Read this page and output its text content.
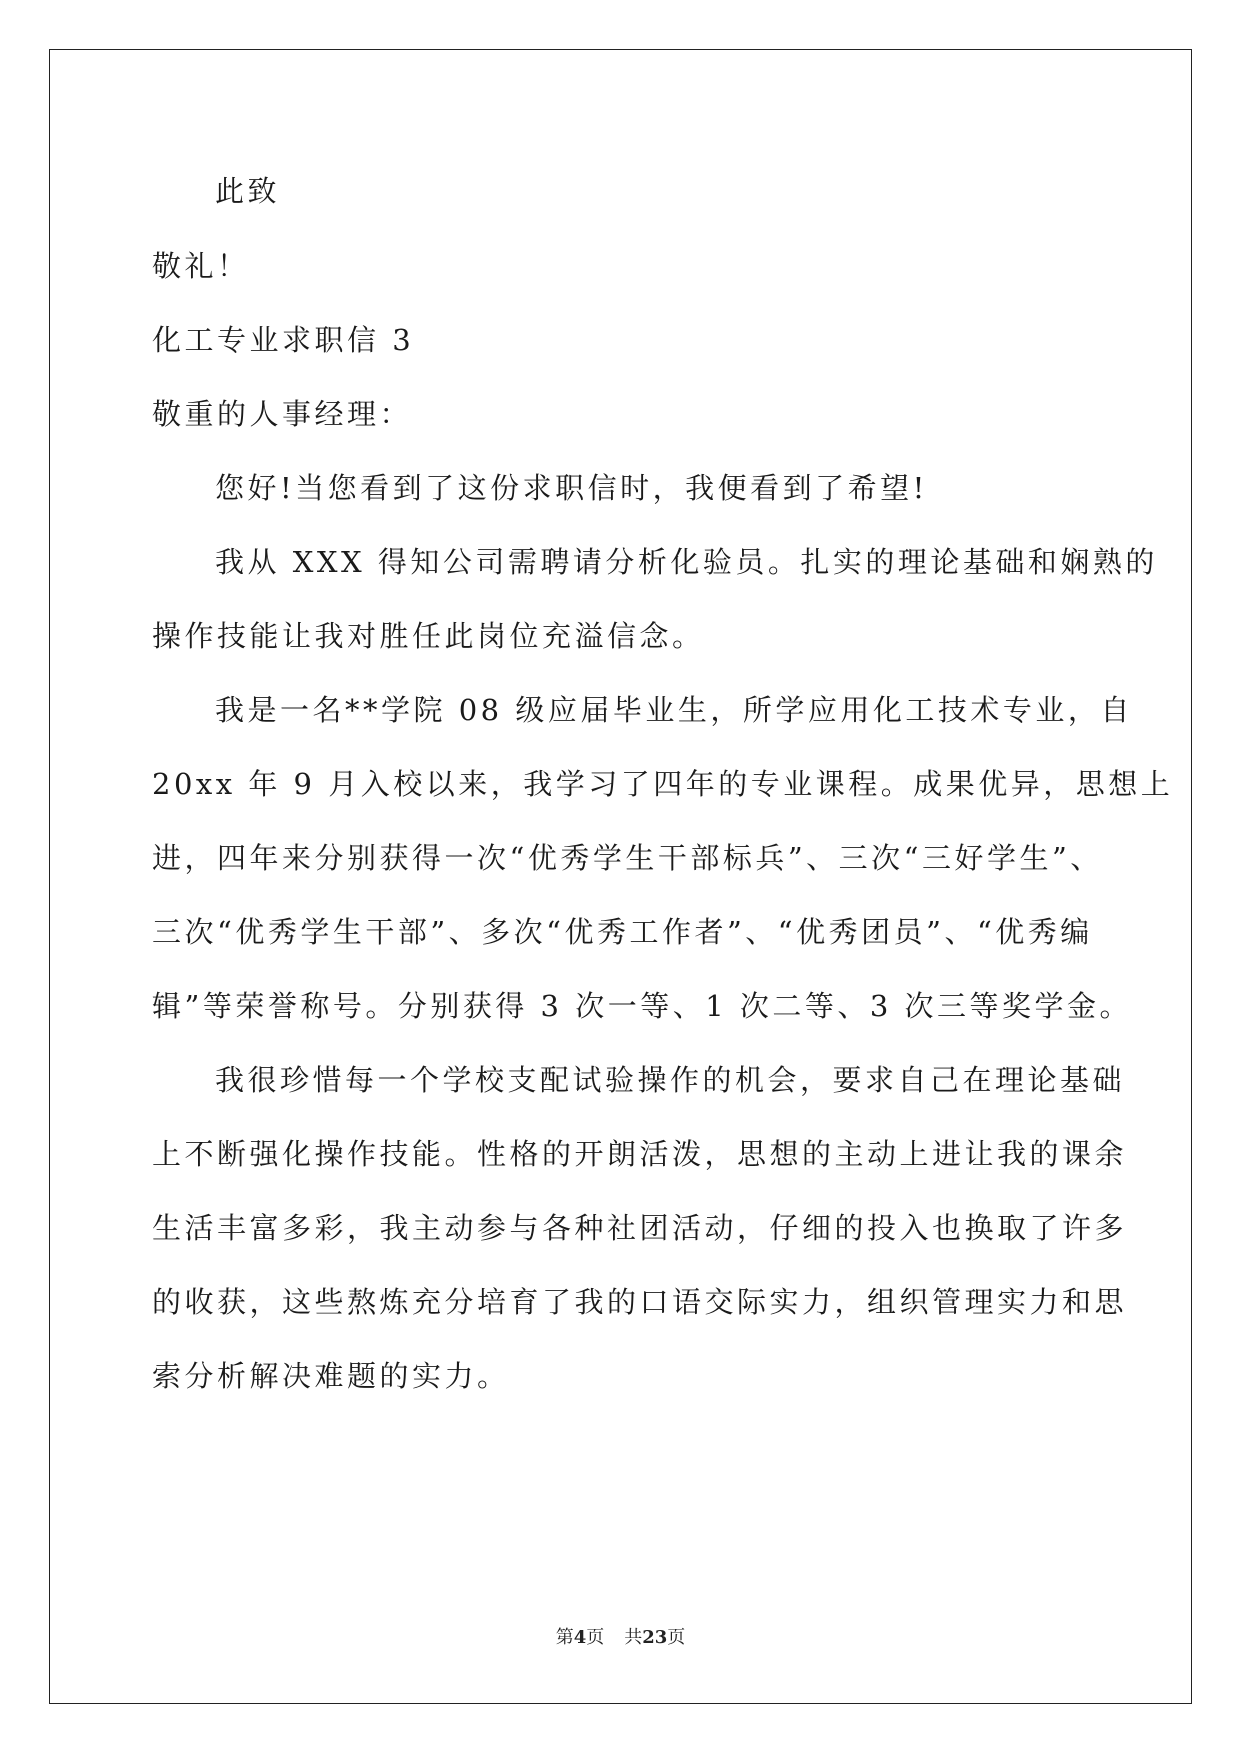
此致
敬礼！
化工专业求职信 3
敬重的人事经理：
您好!当您看到了这份求职信时，我便看到了希望!
我从 XXX 得知公司需聘请分析化验员。扎实的理论基础和娴熟的
操作技能让我对胜任此岗位充溢信念。
我是一名**学院 08 级应届毕业生，所学应用化工技术专业，自
20xx 年 9 月入校以来，我学习了四年的专业课程。成果优异，思想上
进，四年来分别获得一次“优秀学生干部标兵”、三次“三好学生”、
三次“优秀学生干部”、多次“优秀工作者”、“优秀团员”、“优秀编
辑”等荣誉称号。分别获得 3 次一等、1 次二等、3 次三等奖学金。
我很珍惜每一个学校支配试验操作的机会，要求自己在理论基础
上不断强化操作技能。性格的开朗活泼，思想的主动上进让我的课余
生活丰富多彩，我主动参与各种社团活动，仔细的投入也换取了许多
的收获，这些熬炼充分培育了我的口语交际实力，组织管理实力和思
索分析解决难题的实力。
第4页 共23页
